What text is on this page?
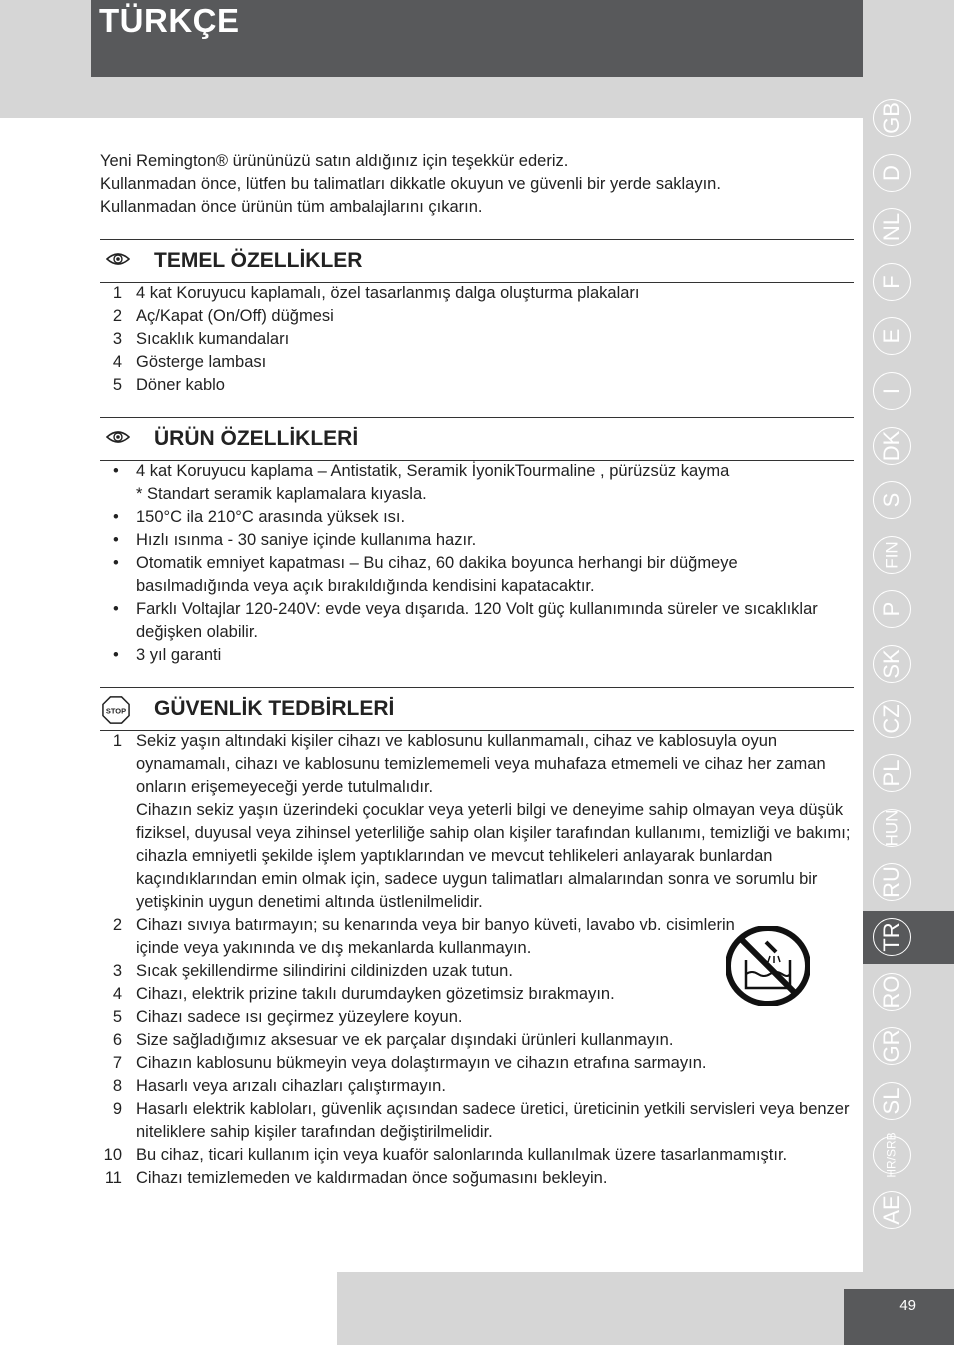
TÜRKÇE
49

Yeni Remington® ürününüzü satın aldığınız için teşekkür ederiz.

Kullanmadan önce, lütfen bu talimatları dikkatle okuyun ve güvenli bir yerde saklayın.

Kullanmadan önce ürünün tüm ambalajlarını çıkarın.

TEMEL ÖZELLİKLER
1 4 kat Koruyucu kaplamalı, özel tasarlanmış dalga oluşturma plakaları
2 Aç/Kapat (On/Off) düğmesi
3 Sıcaklık kumandaları
4 Gösterge lambası
5 Döner kablo
ÜRÜN ÖZELLİKLERİ
• 4 kat Koruyucu kaplama – Antistatik, Seramik İyonikTourmaline , pürüzsüz kayma
* Standart seramik kaplamalara kıyasla.
• 150°C ila 210°C arasında yüksek ısı.
• Hızlı ısınma - 30 saniye içinde kullanıma hazır.
• Otomatik emniyet kapatması – Bu cihaz, 60 dakika boyunca herhangi bir düğmeye basılmadığında veya açık bırakıldığında kendisini kapatacaktır.
• Farklı Voltajlar 120-240V: evde veya dışarıda. 120 Volt güç kullanımında süreler ve sıcaklıklar değişken olabilir.
• 3 yıl garanti
STOP GÜVENLİK TEDBİRLERİ
1 Sekiz yaşın altındaki kişiler cihazı ve kablosunu kullanmamalı, cihaz ve kablosuyla oyun oynamamalı, cihazı ve kablosunu temizlememeli veya muhafaza etmemeli ve cihaz her zaman onların erişemeyeceği yerde tutulmalıdır.
Cihazın sekiz yaşın üzerindeki çocuklar veya yeterli bilgi ve deneyime sahip olmayan veya düşük fiziksel, duyusal veya zihinsel yeterliliğe sahip olan kişiler tarafından kullanımı, temizliği ve bakımı; cihazla emniyetli şekilde işlem yaptıklarından ve mevcut tehlikeleri anlayarak bunlardan kaçındıklarından emin olmak için, sadece uygun talimatları almalarından sonra ve sorumlu bir yetişkinin uygun denetimi altında üstlenilmelidir.
2 Cihazı sıvıya batırmayın; su kenarında veya bir banyo küveti, lavabo vb. cisimlerin içinde veya yakınında ve dış mekanlarda kullanmayın.
3 Sıcak şekillendirme silindirini cildinizden uzak tutun.
4 Cihazı, elektrik prizine takılı durumdayken gözetimsiz bırakmayın.
5 Cihazı sadece ısı geçirmez yüzeylere koyun.
6 Size sağladığımız aksesuar ve ek parçalar dışındaki ürünleri kullanmayın.
7 Cihazın kablosunu bükmeyin veya dolaştırmayın ve cihazın etrafına sarmayın.
8 Hasarlı veya arızalı cihazları çalıştırmayın.
9 Hasarlı elektrik kabloları, güvenlik açısından sadece üretici, üreticinin yetkili servisleri veya benzer niteliklere sahip kişiler tarafından değiştirilmelidir.
10 Bu cihaz, ticari kullanım için veya kuaför salonlarında kullanılmak üzere tasarlanmamıştır.
11 Cihazı temizlemeden ve kaldırmadan önce soğumasını bekleyin.
GB
D
NL
F
E
I
DK
S
FIN
P
SK
CZ
PL
HUN
RU
TR
RO
GR
SL
HR/SRB
AE
